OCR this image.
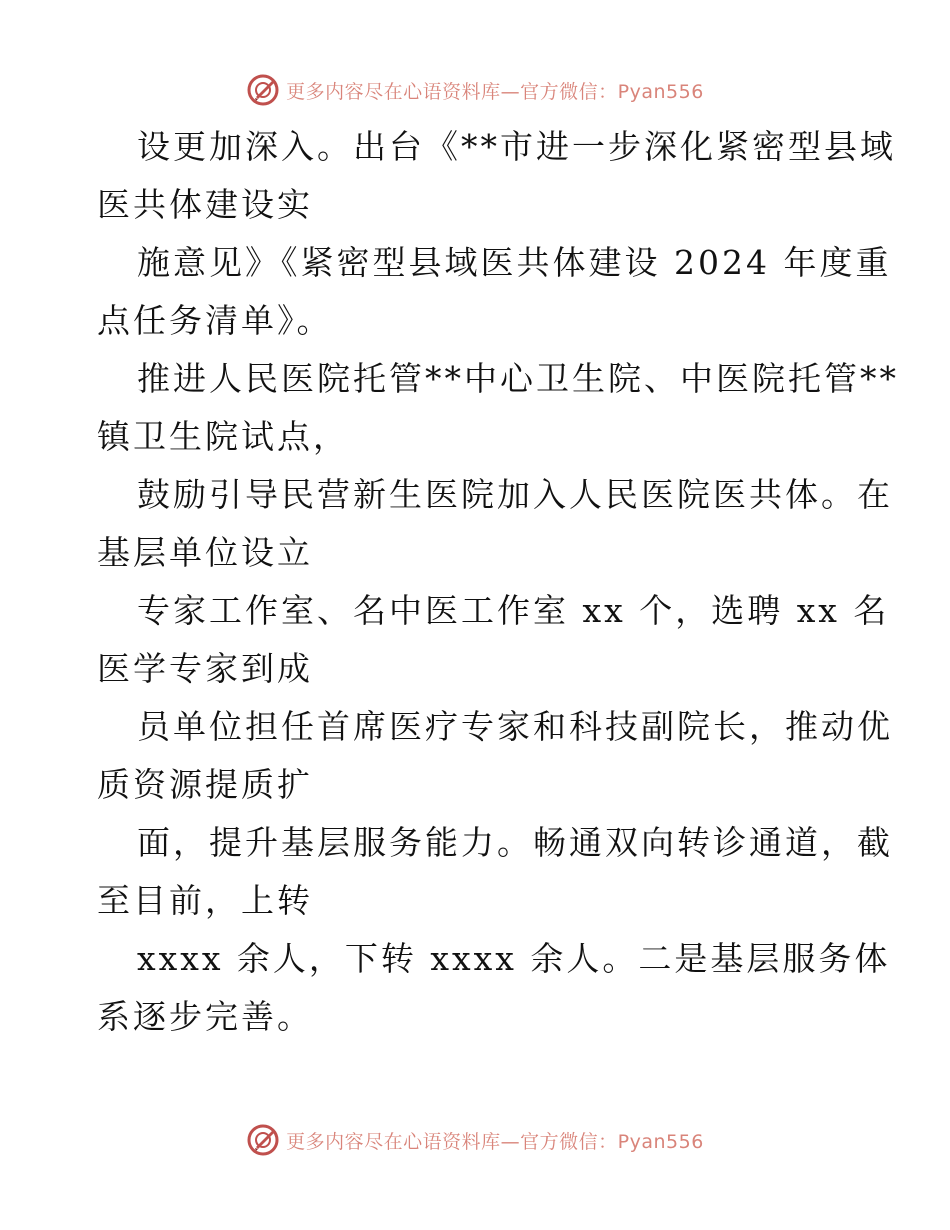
更多内容尽在心语资料库—官方微信：Pyan556
设更加深入。出台《**市进一步深化紧密型县域
医共体建设实
施意见》《紧密型县域医共体建设 2024 年度重
点任务清单》。
推进人民医院托管**中心卫生院、中医院托管**
镇卫生院试点，
鼓励引导民营新生医院加入人民医院医共体。在
基层单位设立
专家工作室、名中医工作室 xx 个，选聘 xx 名
医学专家到成
员单位担任首席医疗专家和科技副院长，推动优
质资源提质扩
面，提升基层服务能力。畅通双向转诊通道，截
至目前，上转
xxxx 余人，下转 xxxx 余人。二是基层服务体
系逐步完善。
更多内容尽在心语资料库—官方微信：Pyan556
